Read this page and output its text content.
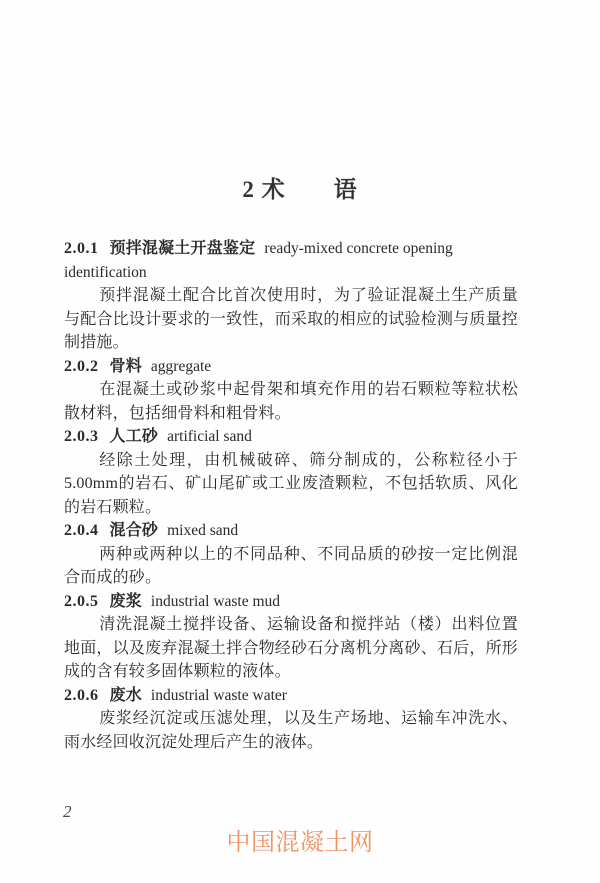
2 术　　语
2.0.1 预拌混凝土开盘鉴定 ready-mixed concrete opening identification

预拌混凝土配合比首次使用时，为了验证混凝土生产质量与配合比设计要求的一致性，而采取的相应的试验检测与质量控制措施。

2.0.2 骨料 aggregate

在混凝土或砂浆中起骨架和填充作用的岩石颗粒等粒状松散材料，包括细骨料和粗骨料。

2.0.3 人工砂 artificial sand

经除土处理，由机械破碎、筛分制成的，公称粒径小于5.00mm的岩石、矿山尾矿或工业废渣颗粒，不包括软质、风化的岩石颗粒。

2.0.4 混合砂 mixed sand

两种或两种以上的不同品种、不同品质的砂按一定比例混合而成的砂。

2.0.5 废浆 industrial waste mud

清洗混凝土搅拌设备、运输设备和搅拌站（楼）出料位置地面，以及废弃混凝土拌合物经砂石分离机分离砂、石后，所形成的含有较多固体颗粒的液体。

2.0.6 废水 industrial waste water

废浆经沉淀或压滤处理，以及生产场地、运输车冲洗水、雨水经回收沉淀处理后产生的液体。

2
中国混凝土网
